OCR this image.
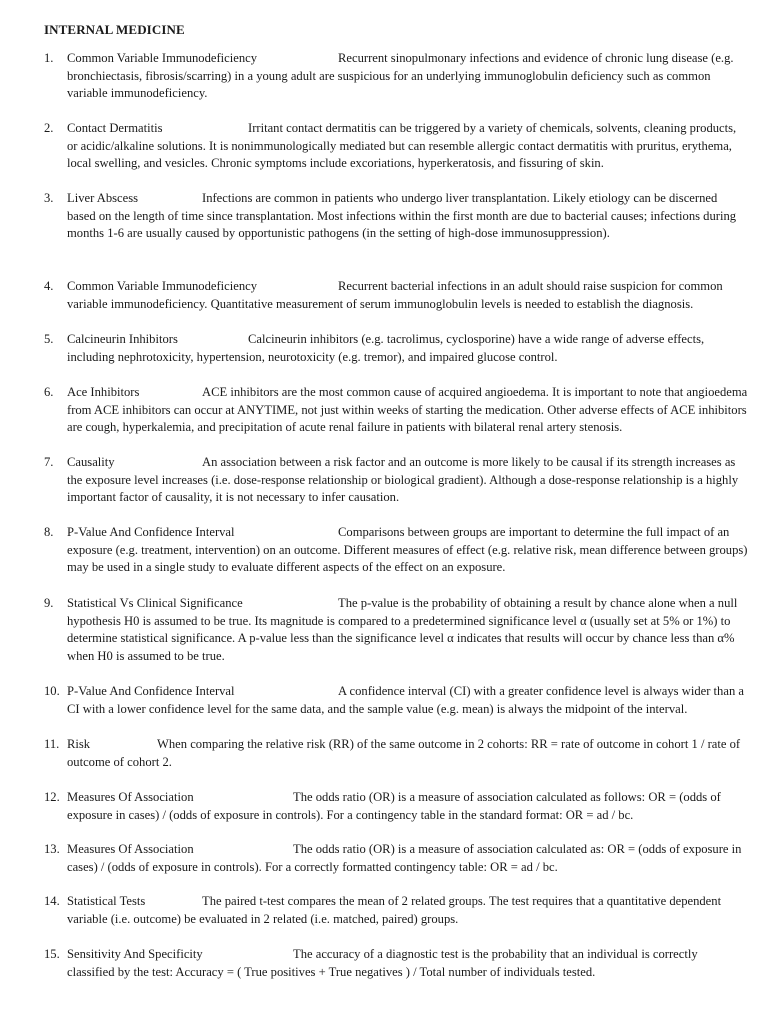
INTERNAL MEDICINE
1. Common Variable Immunodeficiency	Recurrent sinopulmonary infections and evidence of chronic lung disease (e.g. bronchiectasis, fibrosis/scarring) in a young adult are suspicious for an underlying immunoglobulin deficiency such as common variable immunodeficiency.
2. Contact Dermatitis	Irritant contact dermatitis can be triggered by a variety of chemicals, solvents, cleaning products, or acidic/alkaline solutions. It is nonimmunologically mediated but can resemble allergic contact dermatitis with pruritus, erythema, local swelling, and vesicles. Chronic symptoms include excoriations, hyperkeratosis, and fissuring of skin.
3. Liver Abscess	Infections are common in patients who undergo liver transplantation. Likely etiology can be discerned based on the length of time since transplantation. Most infections within the first month are due to bacterial causes; infections during months 1-6 are usually caused by opportunistic pathogens (in the setting of high-dose immunosuppression).
4. Common Variable Immunodeficiency	Recurrent bacterial infections in an adult should raise suspicion for common variable immunodeficiency. Quantitative measurement of serum immunoglobulin levels is needed to establish the diagnosis.
5. Calcineurin Inhibitors	Calcineurin inhibitors (e.g. tacrolimus, cyclosporine) have a wide range of adverse effects, including nephrotoxicity, hypertension, neurotoxicity (e.g. tremor), and impaired glucose control.
6. Ace Inhibitors	ACE inhibitors are the most common cause of acquired angioedema. It is important to note that angioedema from ACE inhibitors can occur at ANYTIME, not just within weeks of starting the medication. Other adverse effects of ACE inhibitors are cough, hyperkalemia, and precipitation of acute renal failure in patients with bilateral renal artery stenosis.
7. Causality	An association between a risk factor and an outcome is more likely to be causal if its strength increases as the exposure level increases (i.e. dose-response relationship or biological gradient). Although a dose-response relationship is a highly important factor of causality, it is not necessary to infer causation.
8. P-Value And Confidence Interval	Comparisons between groups are important to determine the full impact of an exposure (e.g. treatment, intervention) on an outcome. Different measures of effect (e.g. relative risk, mean difference between groups) may be used in a single study to evaluate different aspects of the effect on an exposure.
9. Statistical Vs Clinical Significance	The p-value is the probability of obtaining a result by chance alone when a null hypothesis H0 is assumed to be true. Its magnitude is compared to a predetermined significance level α (usually set at 5% or 1%) to determine statistical significance. A p-value less than the significance level α indicates that results will occur by chance less than α% when H0 is assumed to be true.
10. P-Value And Confidence Interval	A confidence interval (CI) with a greater confidence level is always wider than a CI with a lower confidence level for the same data, and the sample value (e.g. mean) is always the midpoint of the interval.
11. Risk	When comparing the relative risk (RR) of the same outcome in 2 cohorts: RR = rate of outcome in cohort 1 / rate of outcome of cohort 2.
12. Measures Of Association	The odds ratio (OR) is a measure of association calculated as follows: OR = (odds of exposure in cases) / (odds of exposure in controls). For a contingency table in the standard format: OR = ad / bc.
13. Measures Of Association	The odds ratio (OR) is a measure of association calculated as: OR = (odds of exposure in cases) / (odds of exposure in controls). For a correctly formatted contingency table: OR = ad / bc.
14. Statistical Tests	The paired t-test compares the mean of 2 related groups. The test requires that a quantitative dependent variable (i.e. outcome) be evaluated in 2 related (i.e. matched, paired) groups.
15. Sensitivity And Specificity	The accuracy of a diagnostic test is the probability that an individual is correctly classified by the test: Accuracy = ( True positives + True negatives ) / Total number of individuals tested.
